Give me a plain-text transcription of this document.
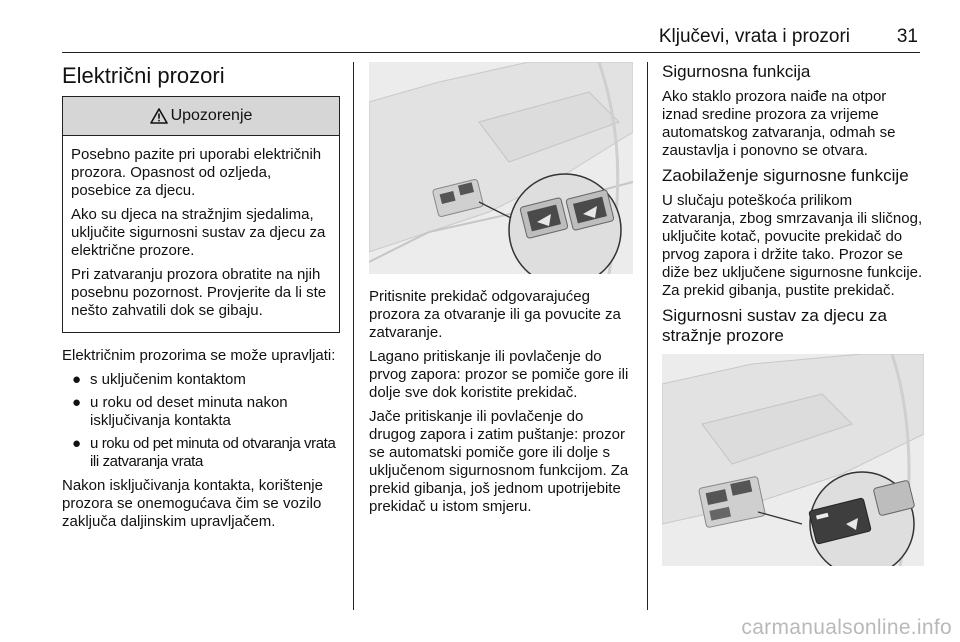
Ključevi, vrata i prozori 31
Električni prozori
Upozorenje

Posebno pazite pri uporabi električnih prozora. Opasnost od ozljeda, posebice za djecu.

Ako su djeca na stražnjim sjedalima, uključite sigurnosni sustav za djecu za električne prozore.

Pri zatvaranju prozora obratite na njih posebnu pozornost. Provjerite da li ste nešto zahvatili dok se gibaju.

Električnim prozorima se može upravljati:

● s uključenim kontaktom
● u roku od deset minuta nakon isključivanja kontakta
● u roku od pet minuta od otvaranja vrata ili zatvaranja vrata

Nakon isključivanja kontakta, korištenje prozora se onemogućava čim se vozilo zaključa daljinskim upravljačem.

Pritisnite prekidač odgovarajućeg prozora za otvaranje ili ga povucite za zatvaranje.

Lagano pritiskanje ili povlačenje do prvog zapora: prozor se pomiče gore ili dolje sve dok koristite prekidač.

Jače pritiskanje ili povlačenje do drugog zapora i zatim puštanje: prozor se automatski pomiče gore ili dolje s uključenom sigurnosnom funkcijom. Za prekid gibanja, još jednom upotrijebite prekidač u istom smjeru.

Sigurnosna funkcija

Ako staklo prozora naiđe na otpor iznad sredine prozora za vrijeme automatskog zatvaranja, odmah se zaustavlja i ponovno se otvara.

Zaobilaženje sigurnosne funkcije

U slučaju poteškoća prilikom zatvaranja, zbog smrzavanja ili sličnog, uključite kotač, povucite prekidač do prvog zapora i držite tako. Prozor se diže bez uključene sigurnosne funkcije. Za prekid gibanja, pustite prekidač.

Sigurnosni sustav za djecu za stražnje prozore
carmanualsonline.info
